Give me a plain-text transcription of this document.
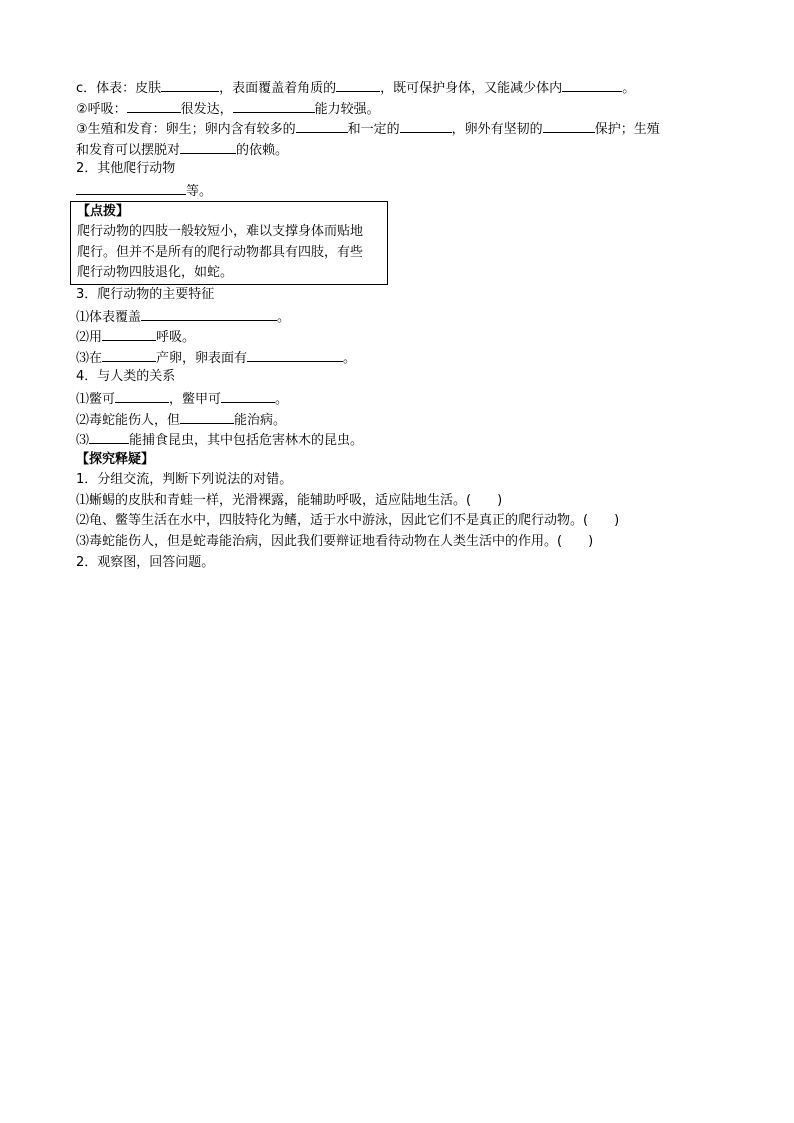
c．体表：皮肤	，表面覆盖着角质的	，既可保护身体，又能减少体内	。
②呼吸：	很发达，	能力较强。
③生殖和发育：卵生；卵内含有较多的	和一定的	，卵外有坚韧的	保护；生殖
和发育可以摆脱对	的依赖。
2．其他爬行动物
等。
【点拨】
爬行动物的四肢一般较短小，难以支撑身体而贴地
爬行。但并不是所有的爬行动物都具有四肢，有些
爬行动物四肢退化，如蛇。
3．爬行动物的主要特征
⑴体表覆盖	。
⑵用	呼吸。
⑶在	产卵，卵表面有	。
4．与人类的关系
⑴鳖可	，鳖甲可	。
⑵毒蛇能伤人，但	能治病。
⑶	能捕食昆虫，其中包括危害林木的昆虫。
【探究释疑】
1．分组交流，判断下列说法的对错。
⑴蜥蜴的皮肤和青蛙一样，光滑裸露，能辅助呼吸，适应陆地生活。(　　)
⑵龟、鳖等生活在水中，四肢特化为鳍，适于水中游泳，因此它们不是真正的爬行动物。(　　)
⑶毒蛇能伤人，但是蛇毒能治病，因此我们要辩证地看待动物在人类生活中的作用。(　　)
2．观察图，回答问题。
